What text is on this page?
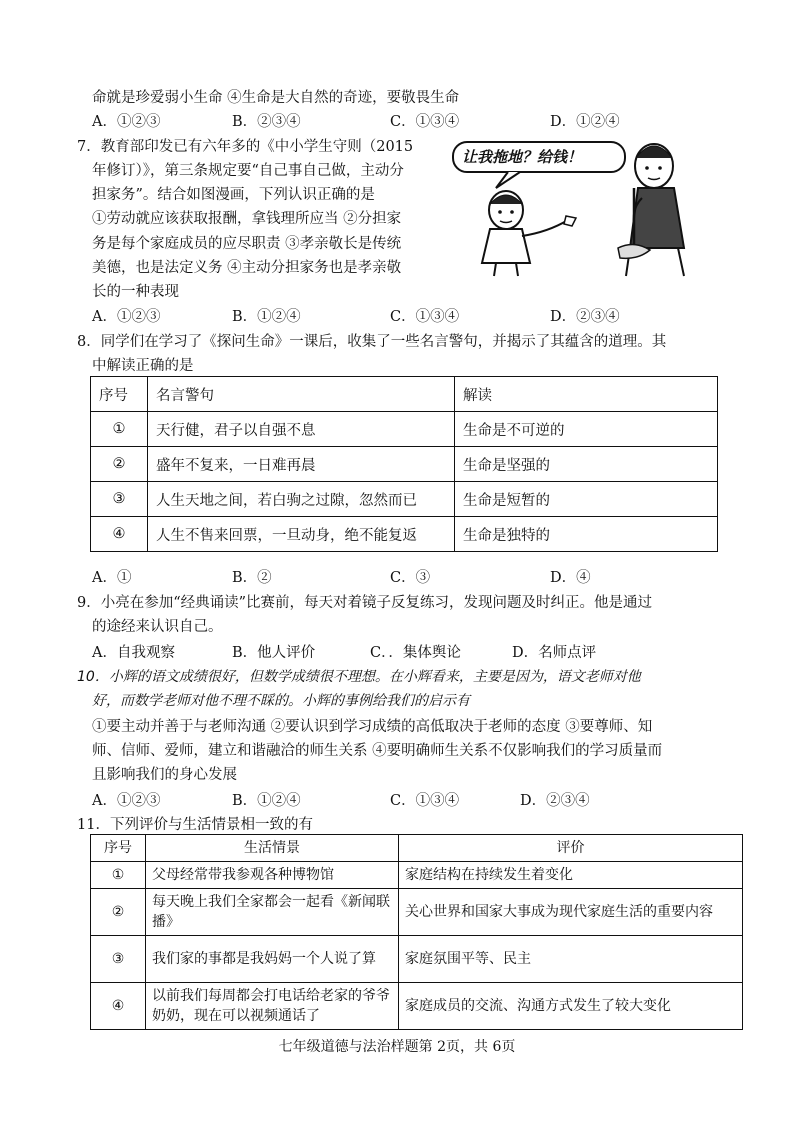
命就是珍爱弱小生命 ④生命是大自然的奇迹，要敬畏生命
A．①②③	B．②③④	C．①③④	D．①②④
7．教育部印发已有六年多的《中小学生守则（2015
年修订）》，第三条规定要“自己事自己做，主动分
担家务”。结合如图漫画，下列认识正确的是
①劳动就应该获取报酬，拿钱理所应当 ②分担家
务是每个家庭成员的应尽职责 ③孝亲敬长是传统
美德，也是法定义务 ④主动分担家务也是孝亲敬
长的一种表现
让我拖地？给钱！
A．①②③	B．①②④	C．①③④	D．②③④
8．同学们在学习了《探问生命》一课后，收集了一些名言警句，并揭示了其蕴含的道理。其
中解读正确的是
序号	名言警句	解读
①	天行健，君子以自强不息	生命是不可逆的
②	盛年不复来，一日难再晨	生命是坚强的
③	人生天地之间，若白驹之过隙，忽然而已	生命是短暂的
④	人生不售来回票，一旦动身，绝不能复返	生命是独特的
A．①	B．②	C．③	D．④
9．小亮在参加“经典诵读”比赛前，每天对着镜子反复练习，发现问题及时纠正。他是通过
的途经来认识自己。
A．自我观察	B．他人评价	C．．集体舆论	D．名师点评
10．小辉的语文成绩很好，但数学成绩很不理想。在小辉看来，主要是因为，语文老师对他
好，而数学老师对他不理不睬的。小辉的事例给我们的启示有
①要主动并善于与老师沟通 ②要认识到学习成绩的高低取决于老师的态度 ③要尊师、知
师、信师、爱师，建立和谐融洽的师生关系 ④要明确师生关系不仅影响我们的学习质量而
且影响我们的身心发展
A．①②③	B．①②④	C．①③④	D．②③④
11．下列评价与生活情景相一致的有
序号	生活情景	评价
①	父母经常带我参观各种博物馆	家庭结构在持续发生着变化
②	每天晚上我们全家都会一起看《新闻联播》	关心世界和国家大事成为现代家庭生活的重要内容
③	我们家的事都是我妈妈一个人说了算	家庭氛围平等、民主
④	以前我们每周都会打电话给老家的爷爷奶奶，现在可以视频通话了	家庭成员的交流、沟通方式发生了较大变化
七年级道德与法治样题第 2页，共 6页
